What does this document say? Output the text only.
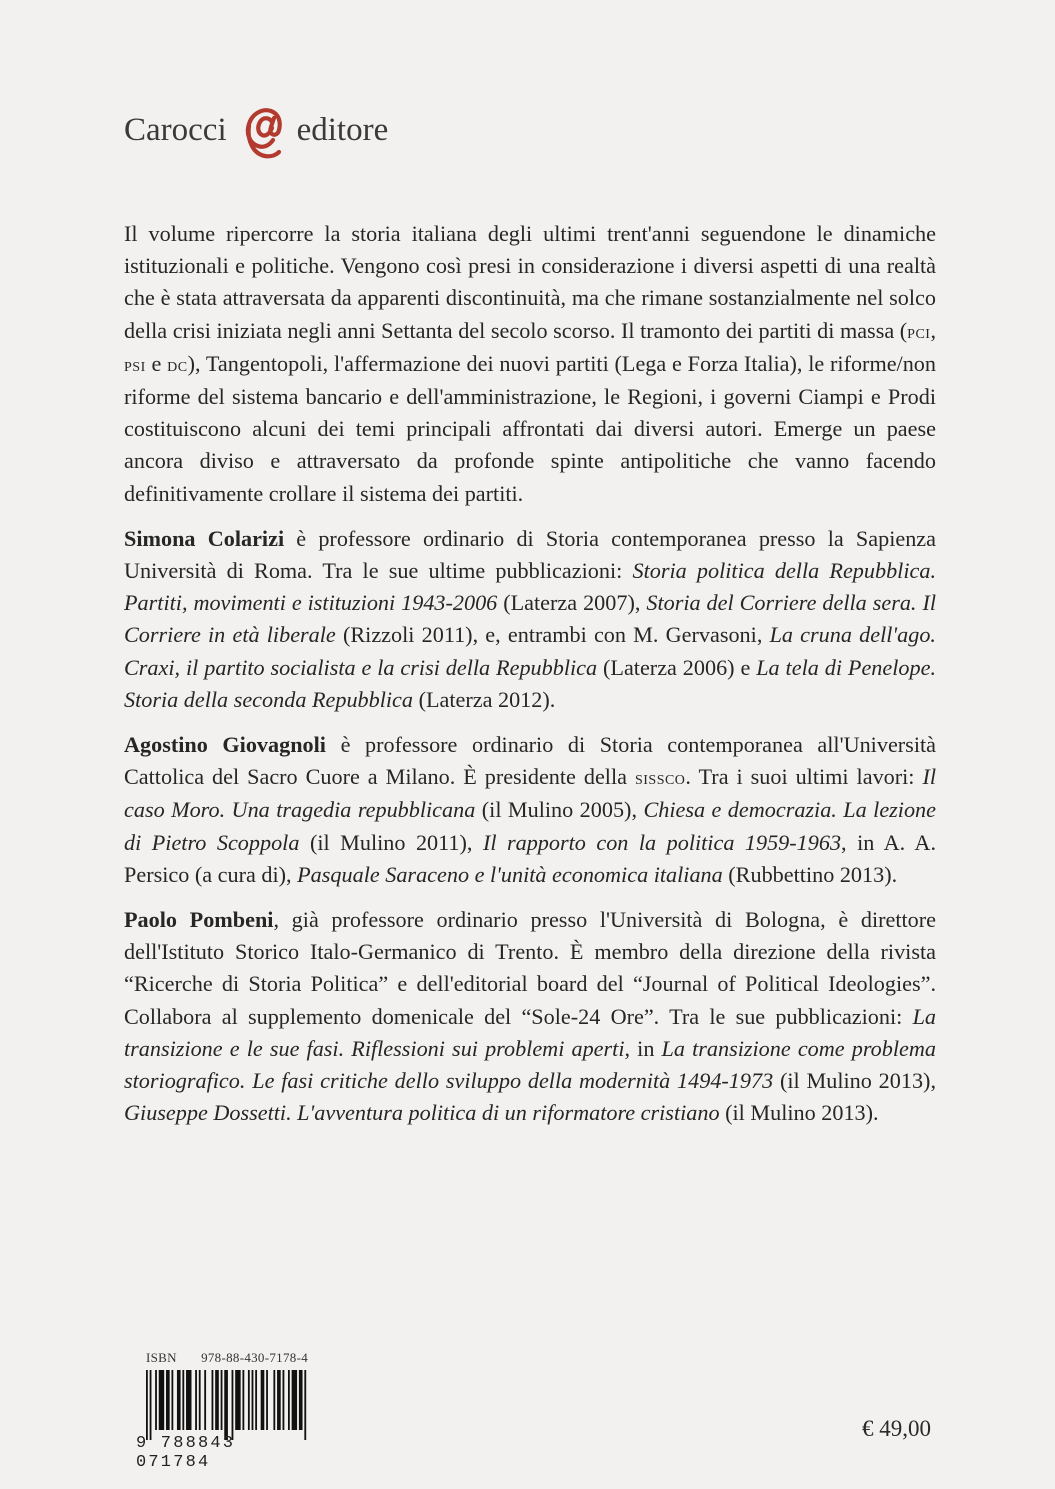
Carocci editore

Il volume ripercorre la storia italiana degli ultimi trent'anni seguendone le dinamiche istituzionali e politiche. Vengono così presi in considerazione i diversi aspetti di una realtà che è stata attraversata da apparenti discontinuità, ma che rimane sostanzialmente nel solco della crisi iniziata negli anni Settanta del secolo scorso. Il tramonto dei partiti di massa (pci, psi e dc), Tangentopoli, l'affermazione dei nuovi partiti (Lega e Forza Italia), le riforme/non riforme del sistema bancario e dell'amministrazione, le Regioni, i governi Ciampi e Prodi costituiscono alcuni dei temi principali affrontati dai diversi autori. Emerge un paese ancora diviso e attraversato da profonde spinte antipolitiche che vanno facendo definitivamente crollare il sistema dei partiti.

Simona Colarizi è professore ordinario di Storia contemporanea presso la Sapienza Università di Roma. Tra le sue ultime pubblicazioni: Storia politica della Repubblica. Partiti, movimenti e istituzioni 1943-2006 (Laterza 2007), Storia del Corriere della sera. Il Corriere in età liberale (Rizzoli 2011), e, entrambi con M. Gervasoni, La cruna dell'ago. Craxi, il partito socialista e la crisi della Repubblica (Laterza 2006) e La tela di Penelope. Storia della seconda Repubblica (Laterza 2012).

Agostino Giovagnoli è professore ordinario di Storia contemporanea all'Università Cattolica del Sacro Cuore a Milano. È presidente della sissco. Tra i suoi ultimi lavori: Il caso Moro. Una tragedia repubblicana (il Mulino 2005), Chiesa e democrazia. La lezione di Pietro Scoppola (il Mulino 2011), Il rapporto con la politica 1959-1963, in A. A. Persico (a cura di), Pasquale Saraceno e l'unità economica italiana (Rubbettino 2013).

Paolo Pombeni, già professore ordinario presso l'Università di Bologna, è direttore dell'Istituto Storico Italo-Germanico di Trento. È membro della direzione della rivista “Ricerche di Storia Politica” e dell'editorial board del “Journal of Political Ideologies”. Collabora al supplemento domenicale del “Sole-24 Ore”. Tra le sue pubblicazioni: La transizione e le sue fasi. Riflessioni sui problemi aperti, in La transizione come problema storiografico. Le fasi critiche dello sviluppo della modernità 1494-1973 (il Mulino 2013), Giuseppe Dossetti. L'avventura politica di un riformatore cristiano (il Mulino 2013).

ISBN 978-88-430-7178-4
9 788843 071784
€ 49,00
